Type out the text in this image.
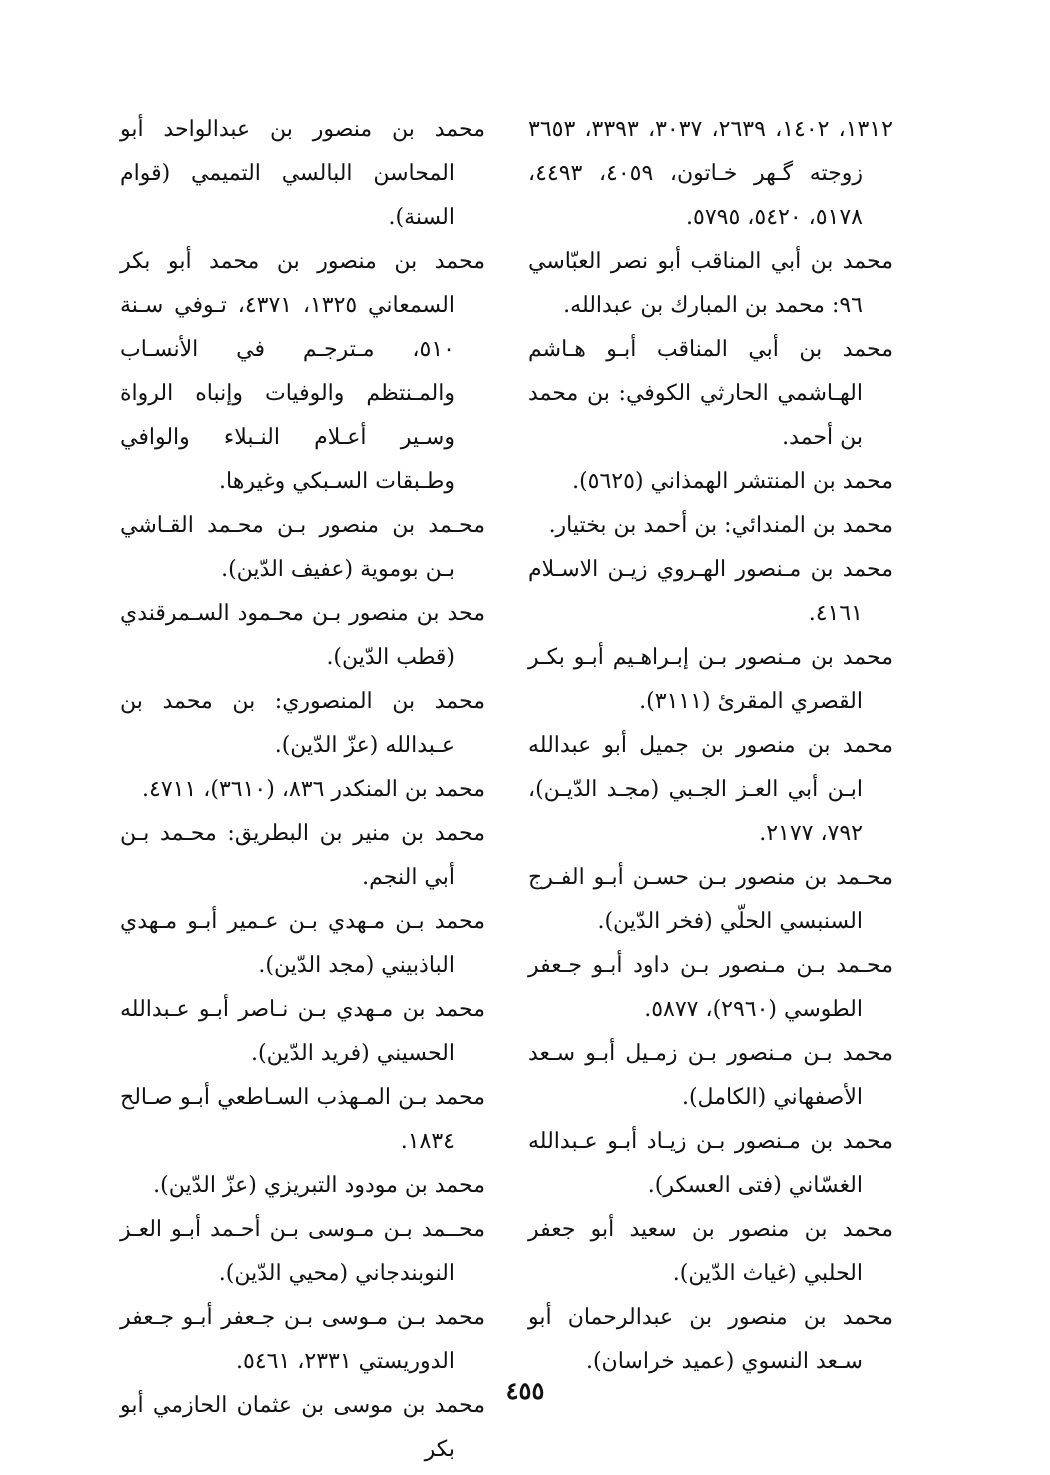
١٣١٢، ١٤٠٢، ٢٦٣٩، ٣٠٣٧، ٣٣٩٣، ٣٦٥٣ زوجته گـهر خـاتون، ٤٠٥٩، ٤٤٩٣، ٥١٧٨، ٥٤٢٠، ٥٧٩٥.

محمد بن أبي المناقب أبو نصر العبّاسي ٩٦: محمد بن المبارك بن عبدالله.

محمد بن أبي المناقب أبـو هـاشم الهـاشمي الحارثي الكوفي: بن محمد بن أحمد.

محمد بن المنتشر الهمذاني (٥٦٢٥).

محمد بن المندائي: بن أحمد بن بختيار.

محمد بن مـنصور الهـروي زيـن الاسـلام ٤١٦١.

محمد بن مـنصور بـن إبـراهـيم أبـو بكـر القصري المقرئ (٣١١١).

محمد بن منصور بن جميل أبو عبدالله ابـن أبي العـز الجـبي (مجـد الدّيـن)، ٧٩٢، ٢١٧٧.

محـمد بن منصور بـن حسـن أبـو الفـرج السنبسي الحلّي (فخر الدّين).

محـمد بـن مـنصور بـن داود أبـو جـعفر الطوسي (٢٩٦٠)، ٥٨٧٧.

محمد بـن مـنصور بـن زمـيل أبـو سـعد الأصفهاني (الكامل).

محمد بن مـنصور بـن زيـاد أبـو عـبدالله الغسّاني (فتى العسكر).

محمد بن منصور بن سعيد أبو جعفر الحلبي (غياث الدّين).

محمد بن منصور بن عبدالرحمان أبو سـعد النسوي (عميد خراسان).

محمد بن منصور بن عبدالواحد أبو المحاسن البالسي التميمي (قوام السنة).

محمد بن منصور بن محمد أبو بكر السمعاني ١٣٢٥، ٤٣٧١، تـوفي سـنة ٥١٠، مـترجـم في الأنسـاب والمـنتظم والوفيات وإنباه الرواة وسـير أعـلام النـبلاء والوافي وطـبقات السـبكي وغيرها.

محـمد بن منصور بـن محـمد القـاشي بـن بوموية (عفيف الدّين).

محد بن منصور بـن محـمود السـمرقندي (قطب الدّين).

محمد بن المنصوري: بن محمد بن عـبدالله (عزّ الدّين).

محمد بن المنكدر ٨٣٦، (٣٦١٠)، ٤٧١١.

محمد بن منير بن البطريق: محـمد بـن أبي النجم.

محمد بـن مـهدي بـن عـمير أبـو مـهدي الباذبيني (مجد الدّين).

محمد بن مـهدي بـن نـاصر أبـو عـبدالله الحسيني (فريد الدّين).

محمد بـن المـهذب السـاطعي أبـو صـالح ١٨٣٤.

محمد بن مودود التبريزي (عزّ الدّين).

محــمد بـن مـوسى بـن أحـمد أبـو العـز النوبندجاني (محيي الدّين).

محمد بـن مـوسى بـن جـعفر أبـو جـعفر الدوريستي ٢٣٣١، ٥٤٦١.

محمد بن موسى بن عثمان الحازمي أبو بكر

٤٥٥
